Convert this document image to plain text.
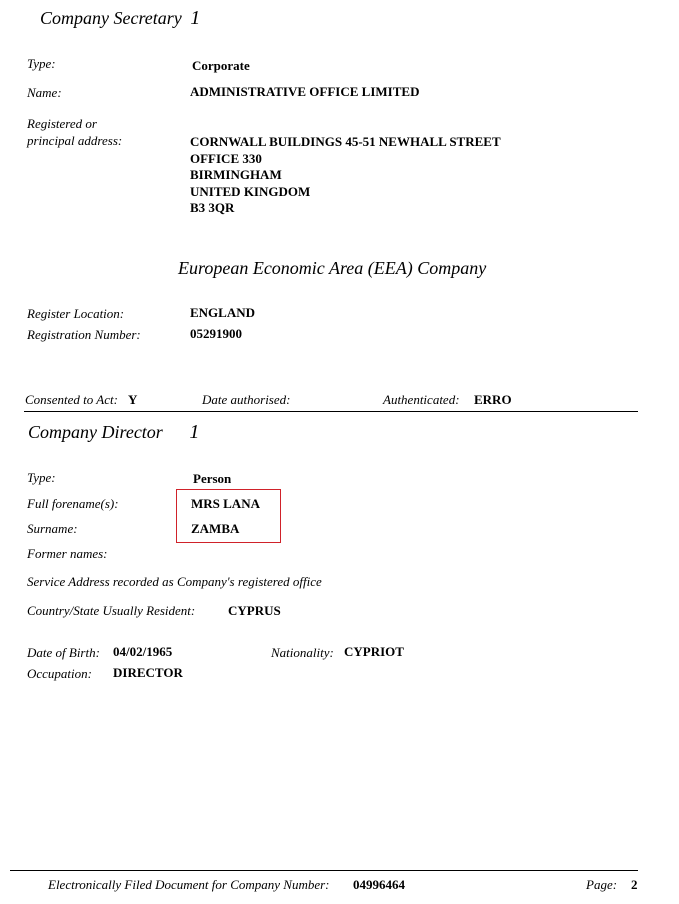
Company Secretary 1
Type:	Corporate
Name:	ADMINISTRATIVE OFFICE LIMITED
Registered or
principal address:	CORNWALL BUILDINGS 45-51 NEWHALL STREET
OFFICE 330
BIRMINGHAM
UNITED KINGDOM
B3 3QR
European Economic Area (EEA) Company
Register Location:	ENGLAND
Registration Number:	05291900
Consented to Act: Y	Date authorised:	Authenticated: ERRO
Company Director 1
Type:	Person
Full forename(s):	MRS LANA
Surname:	ZAMBA
Former names:
Service Address recorded as Company's registered office
Country/State Usually Resident:	CYPRUS
Date of Birth: 04/02/1965	Nationality: CYPRIOT
Occupation: DIRECTOR
Electronically Filed Document for Company Number: 04996464	Page: 2
